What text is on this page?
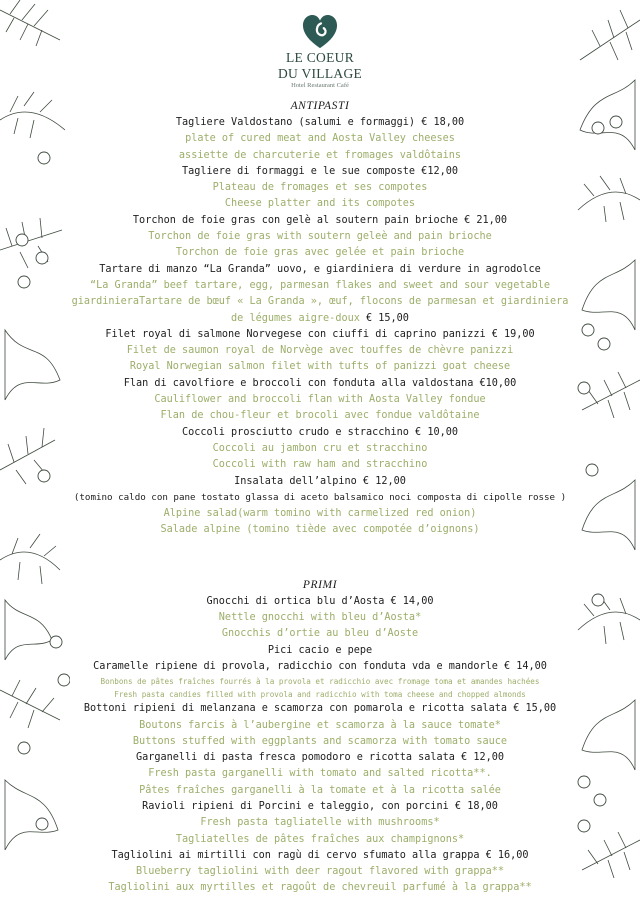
LE COEUR
DU VILLAGE
Hotel Restaurant Café
ANTIPASTI
Tagliere Valdostano (salumi e formaggi) € 18,00
plate of cured meat and Aosta Valley cheeses
assiette de charcuterie et fromages valdôtains
Tagliere di formaggi e le sue composte €12,00
Plateau de fromages et ses compotes
Cheese platter and its compotes
Torchon de foie gras con gelè al soutern pain brioche € 21,00
Torchon de foie gras with soutern geleè and pain brioche
Torchon de foie gras avec gelée et pain brioche
Tartare di manzo “La Granda” uovo, e giardiniera di verdure in agrodolce
“La Granda” beef tartare, egg, parmesan flakes and sweet and sour vegetable giardinieraTartare de bœuf « La Granda », œuf, flocons de parmesan et giardiniera de légumes aigre-doux € 15,00
Filet royal di salmone Norvegese con ciuffi di caprino panizzi € 19,00
Filet de saumon royal de Norvège avec touffes de chèvre panizzi
Royal Norwegian salmon filet with tufts of panizzi goat cheese
Flan di cavolfiore e broccoli con fonduta alla valdostana €10,00
Cauliflower and broccoli flan with Aosta Valley fondue
Flan de chou-fleur et brocoli avec fondue valdôtaine
Coccoli prosciutto crudo e stracchino € 10,00
Coccoli au jambon cru et stracchino
Coccoli with raw ham and stracchino
Insalata dell’alpino € 12,00
(tomino caldo con pane tostato glassa di aceto balsamico noci composta di cipolle rosse )
Alpine salad(warm tomino with carmelized red onion)
Salade alpine (tomino tiède avec compotée d’oignons)
PRIMI
Gnocchi di ortica blu d’Aosta € 14,00
Nettle gnocchi with bleu d’Aosta*
Gnocchis d’ortie au bleu d’Aoste
Pici cacio e pepe
Caramelle ripiene di provola, radicchio con fonduta vda e mandorle € 14,00
Bonbons de pâtes fraîches fourrés à la provola et radicchio avec fromage toma et amandes hachées
Fresh pasta candies filled with provola and radicchio with toma cheese and chopped almonds
Bottoni ripieni di melanzana e scamorza con pomarola e ricotta salata € 15,00
Boutons farcis à l’aubergine et scamorza à la sauce tomate*
Buttons stuffed with eggplants and scamorza with tomato sauce
Garganelli di pasta fresca pomodoro e ricotta salata € 12,00
Fresh pasta garganelli with tomato and salted ricotta**.
Pâtes fraîches garganelli à la tomate et à la ricotta salée
Ravioli ripieni di Porcini e taleggio, con porcini € 18,00
Fresh pasta tagliatelle with mushrooms*
Tagliatelles de pâtes fraîches aux champignons*
Tagliolini ai mirtilli con ragù di cervo sfumato alla grappa € 16,00
Blueberry tagliolini with deer ragout flavored with grappa**
Tagliolini aux myrtilles et ragoût de chevreuil parfumé à la grappa**
